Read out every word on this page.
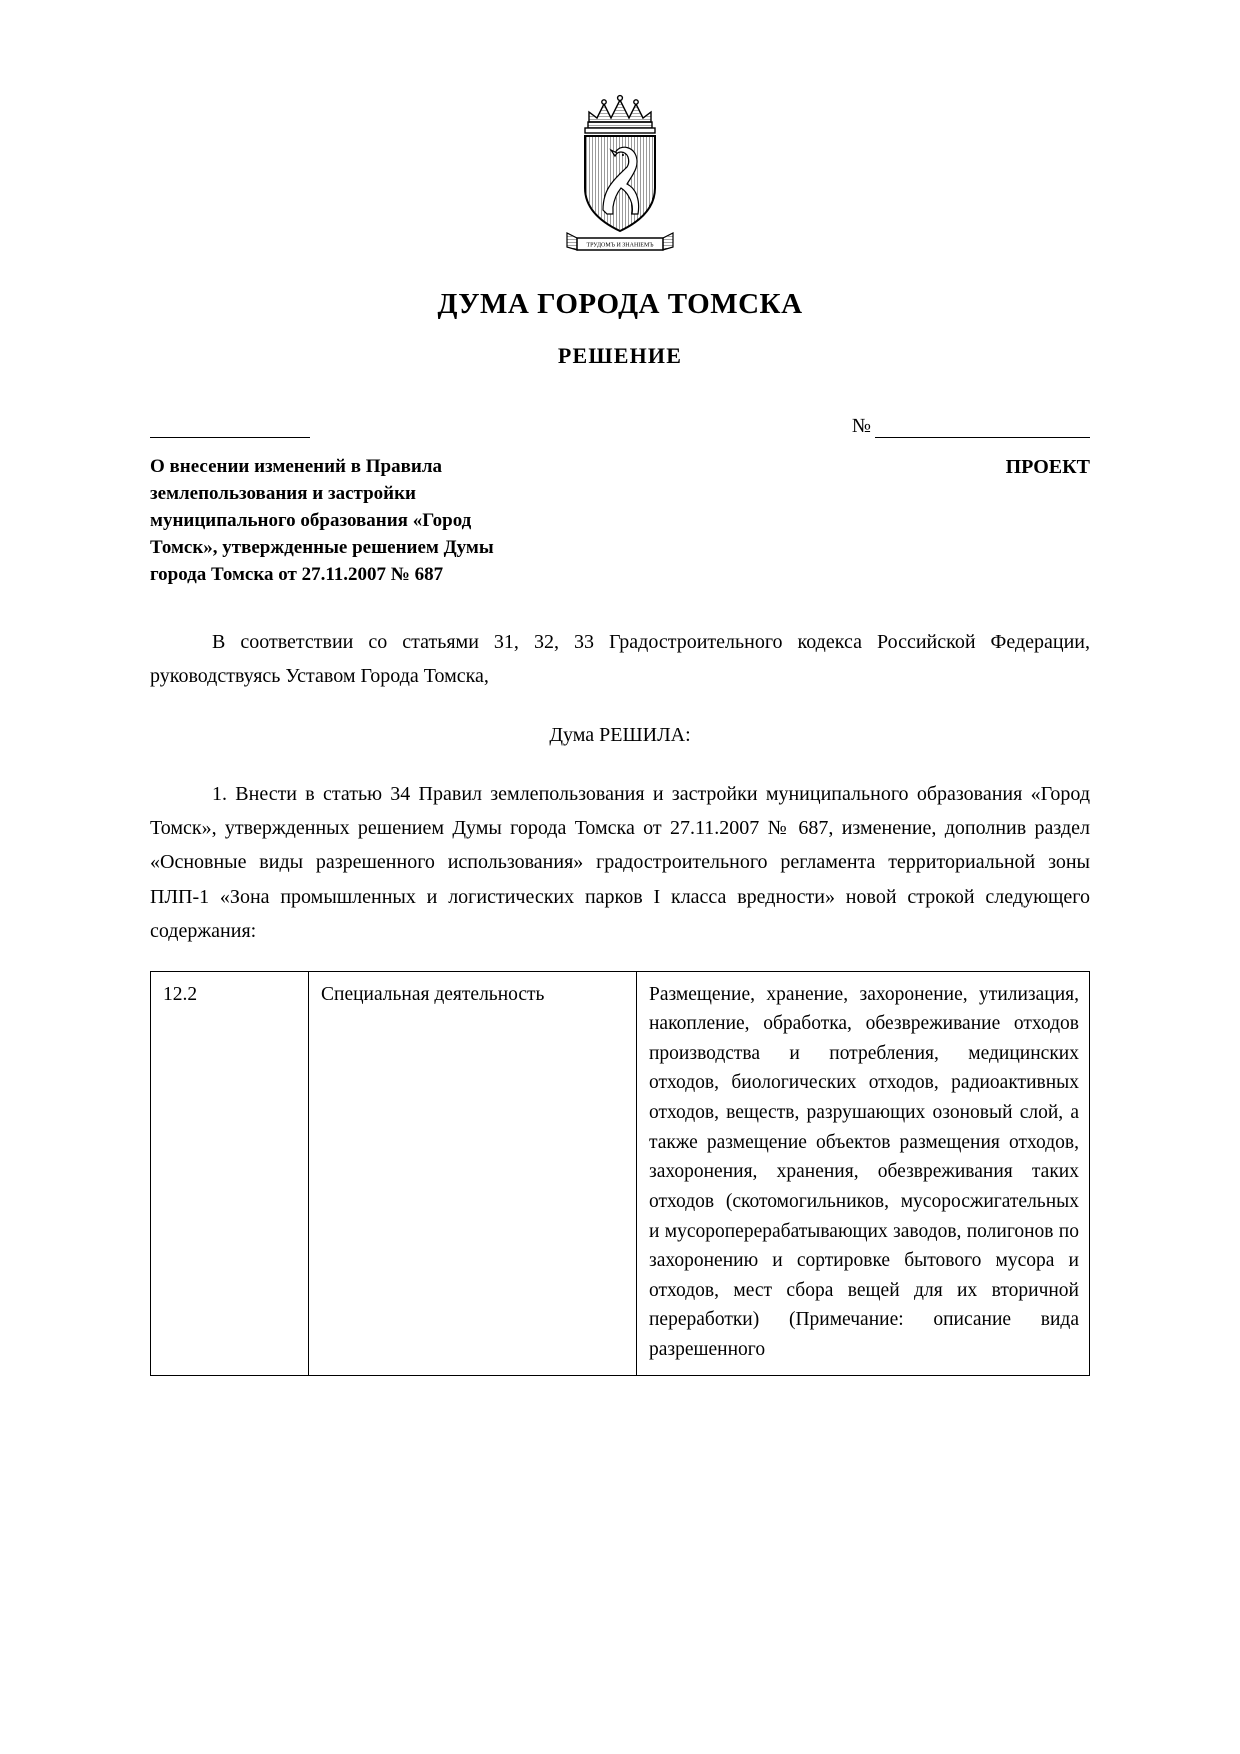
ТРУДОМЪ И ЗНАНIЕМЪ
ДУМА ГОРОДА ТОМСКА
РЕШЕНИЕ
№
О внесении изменений в Правила
землепользования и застройки
муниципального образования «Город
Томск», утвержденные решением Думы
города Томска от 27.11.2007 № 687
ПРОЕКТ

В соответствии со статьями 31, 32, 33 Градостроительного кодекса Российской Федерации, руководствуясь Уставом Города Томска,

Дума РЕШИЛА:

1. Внести в статью 34 Правил землепользования и застройки муниципального образования «Город Томск», утвержденных решением Думы города Томска от 27.11.2007 № 687, изменение, дополнив раздел «Основные виды разрешенного использования» градостроительного регламента территориальной зоны ПЛП-1 «Зона промышленных и логистических парков I класса вредности» новой строкой следующего содержания:

12.2	Специальная деятельность	Размещение, хранение, захоронение, утилизация, накопление, обработка, обезвреживание отходов производства и потребления, медицинских отходов, биологических отходов, радиоактивных отходов, веществ, разрушающих озоновый слой, а также размещение объектов размещения отходов, захоронения, хранения, обезвреживания таких отходов (скотомогильников, мусоросжигательных и мусороперерабатывающих заводов, полигонов по захоронению и сортировке бытового мусора и отходов, мест сбора вещей для их вторичной переработки) (Примечание: описание вида разрешенного
